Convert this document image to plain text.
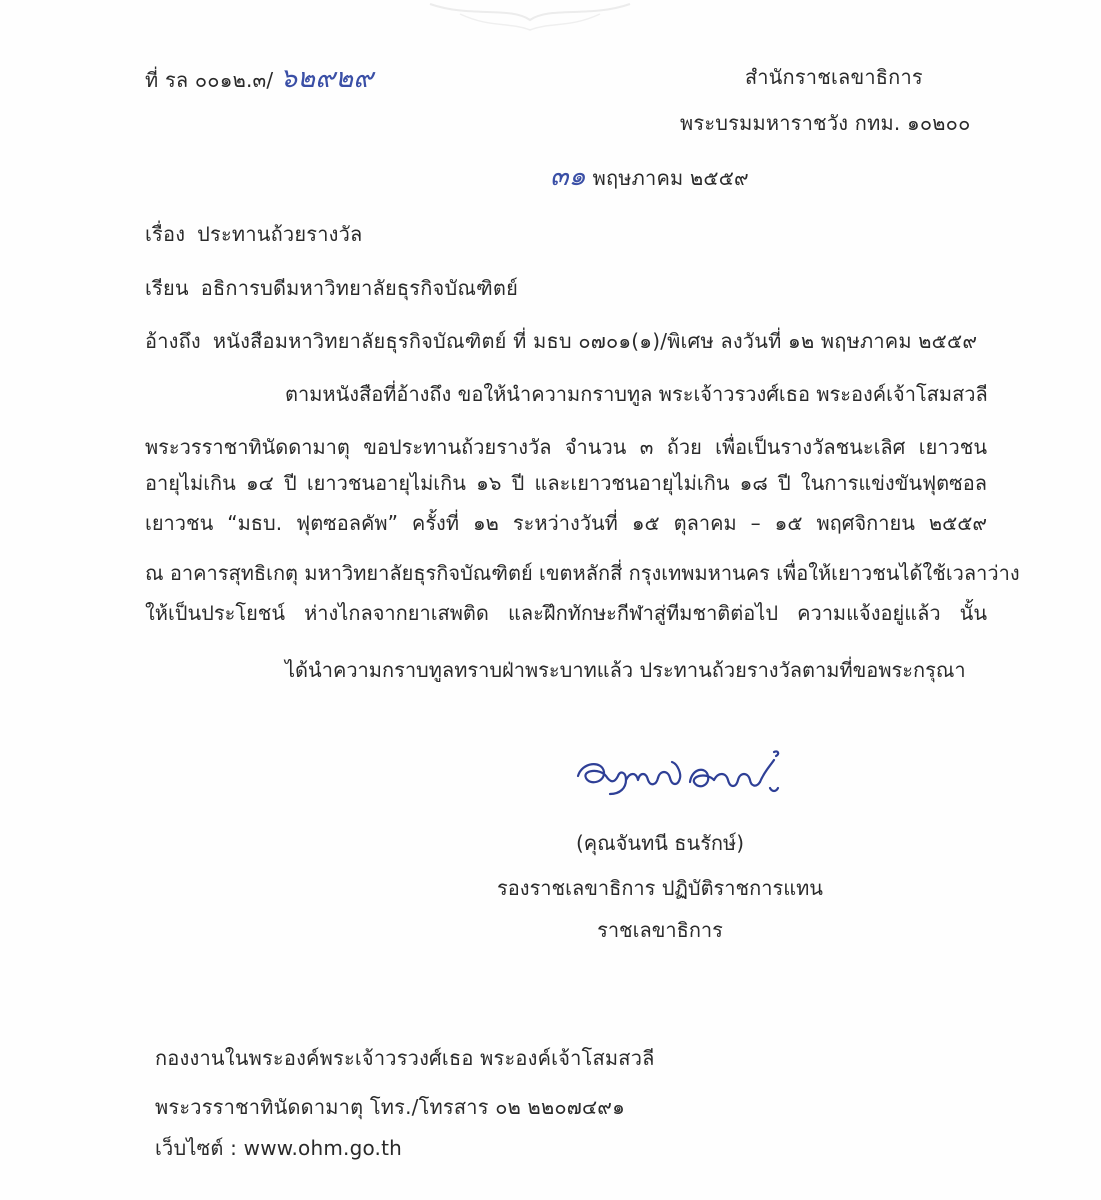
ที่ รล ๐๐๑๒.๓/ ๖๒๙๒๙	สำนักราชเลขาธิการ
พระบรมมหาราชวัง กทม. ๑๐๒๐๐
๓๑ พฤษภาคม ๒๕๕๙
เรื่อง ประทานถ้วยรางวัล
เรียน อธิการบดีมหาวิทยาลัยธุรกิจบัณฑิตย์
อ้างถึง หนังสือมหาวิทยาลัยธุรกิจบัณฑิตย์ ที่ มธบ ๐๗๐๑(๑)/พิเศษ ลงวันที่ ๑๒ พฤษภาคม ๒๕๕๙
ตามหนังสือที่อ้างถึง ขอให้นำความกราบทูล พระเจ้าวรวงศ์เธอ พระองค์เจ้าโสมสวลี
พระวรราชาทินัดดามาตุ ขอประทานถ้วยรางวัล จำนวน ๓ ถ้วย เพื่อเป็นรางวัลชนะเลิศ เยาวชน
อายุไม่เกิน ๑๔ ปี เยาวชนอายุไม่เกิน ๑๖ ปี และเยาวชนอายุไม่เกิน ๑๘ ปี ในการแข่งขันฟุตซอล
เยาวชน “มธบ. ฟุตซอลคัพ” ครั้งที่ ๑๒ ระหว่างวันที่ ๑๕ ตุลาคม – ๑๕ พฤศจิกายน ๒๕๕๙
ณ อาคารสุทธิเกตุ มหาวิทยาลัยธุรกิจบัณฑิตย์ เขตหลักสี่ กรุงเทพมหานคร เพื่อให้เยาวชนได้ใช้เวลาว่าง
ให้เป็นประโยชน์ ห่างไกลจากยาเสพติด และฝึกทักษะกีฬาสู่ทีมชาติต่อไป ความแจ้งอยู่แล้ว นั้น
ได้นำความกราบทูลทราบฝ่าพระบาทแล้ว ประทานถ้วยรางวัลตามที่ขอพระกรุณา
(คุณจันทนี ธนรักษ์)
รองราชเลขาธิการ ปฏิบัติราชการแทน
ราชเลขาธิการ
กองงานในพระองค์พระเจ้าวรวงศ์เธอ พระองค์เจ้าโสมสวลี
พระวรราชาทินัดดามาตุ โทร./โทรสาร ๐๒ ๒๒๐๗๔๙๑
เว็บไซต์ : www.ohm.go.th
